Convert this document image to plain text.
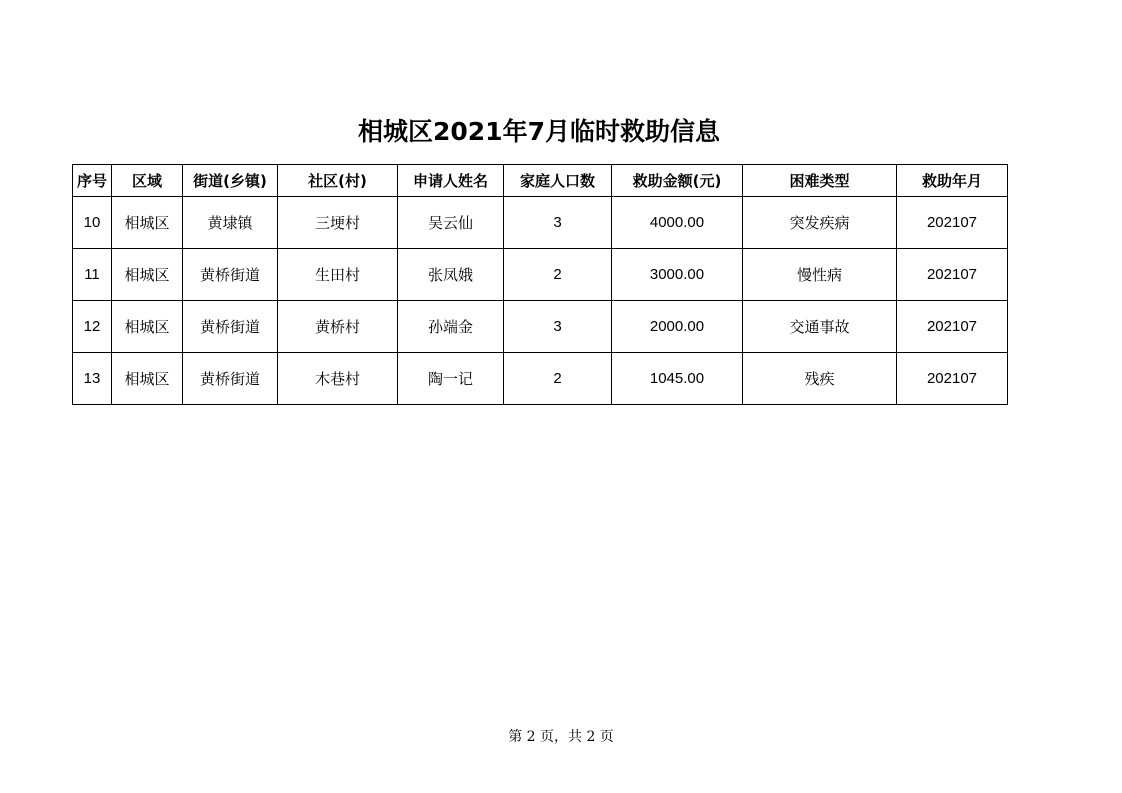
相城区2021年7月临时救助信息
序号	区域	街道(乡镇)	社区(村)	申请人姓名	家庭人口数	救助金额(元)	困难类型	救助年月
10	相城区	黄埭镇	三埂村	吴云仙	3	4000.00	突发疾病	202107
11	相城区	黄桥街道	生田村	张凤娥	2	3000.00	慢性病	202107
12	相城区	黄桥街道	黄桥村	孙端金	3	2000.00	交通事故	202107
13	相城区	黄桥街道	木巷村	陶一记	2	1045.00	残疾	202107
第 2 页，共 2 页
